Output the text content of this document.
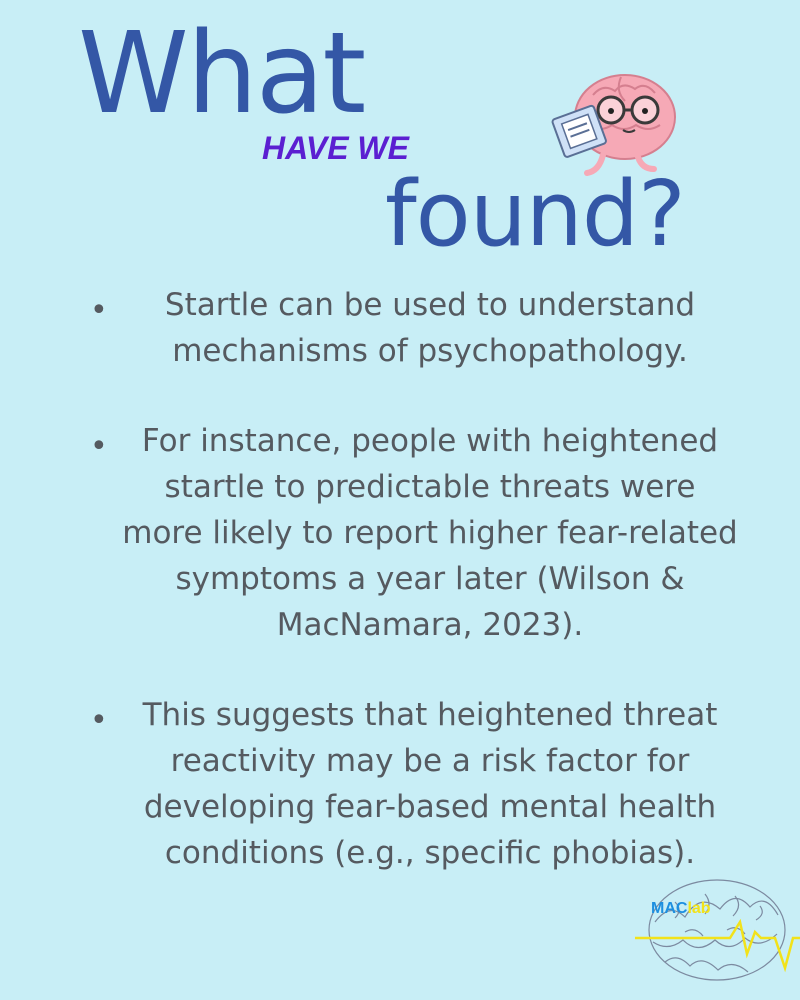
What
HAVE WE
found?
•	Startle can be used to understand mechanisms of psychopathology.
•	For instance, people with heightened startle to predictable threats were more likely to report higher fear-related symptoms a year later (Wilson & MacNamara, 2023).
•	This suggests that heightened threat reactivity may be a risk factor for developing fear-based mental health conditions (e.g., specific phobias).
MAClab
